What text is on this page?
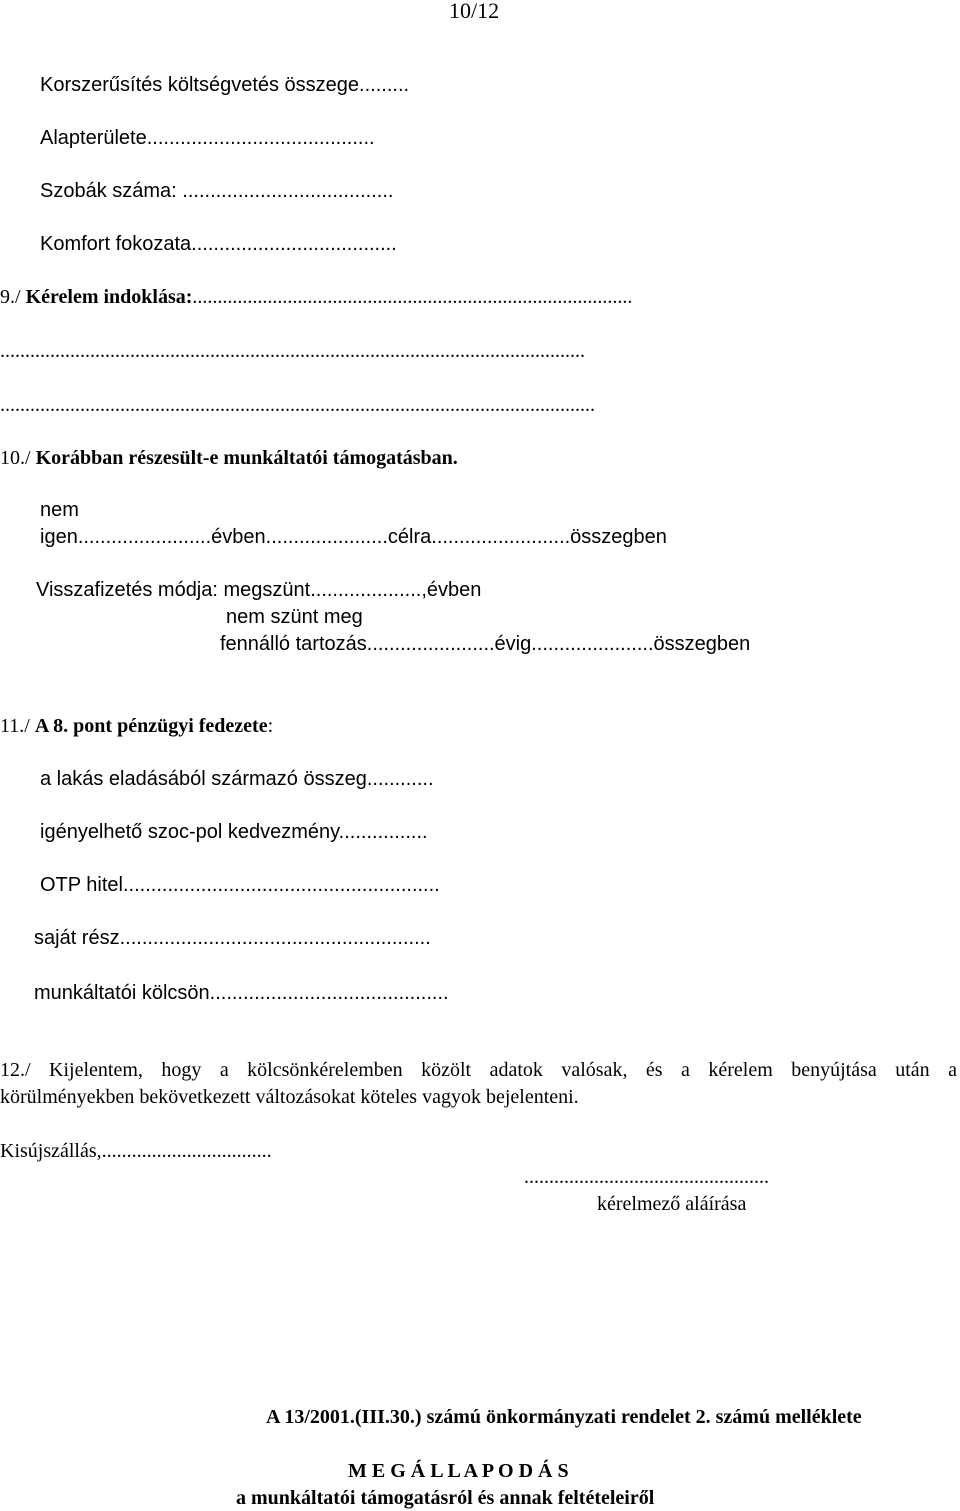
10/12
Korszerűsítés költségvetés összege.........
Alapterülete.........................................
Szobák száma: ......................................
Komfort fokozata.....................................
9./ Kérelem indoklása:........................................................................................
.....................................................................................................................
.......................................................................................................................
10./ Korábban részesült-e munkáltatói támogatásban.
nem
igen........................évben......................célra.........................összegben
Visszafizetés módja: megszünt....................,évben
nem szünt meg
fennálló tartozás.......................évig......................összegben
11./ A 8. pont pénzügyi fedezete:
a lakás eladásából származó összeg............
igényelhető szoc-pol kedvezmény................
OTP hitel.........................................................
saját rész........................................................
munkáltatói kölcsön...........................................
12./ Kijelentem, hogy a kölcsönkérelemben közölt adatok valósak, és a kérelem benyújtása után a
körülményekben bekövetkezett változásokat köteles vagyok bejelenteni.
Kisújszállás,..................................
.................................................
kérelmező aláírása
A 13/2001.(III.30.) számú önkormányzati rendelet 2. számú melléklete
M E G Á L L A P O D Á S
a munkáltatói támogatásról és annak feltételeiről
